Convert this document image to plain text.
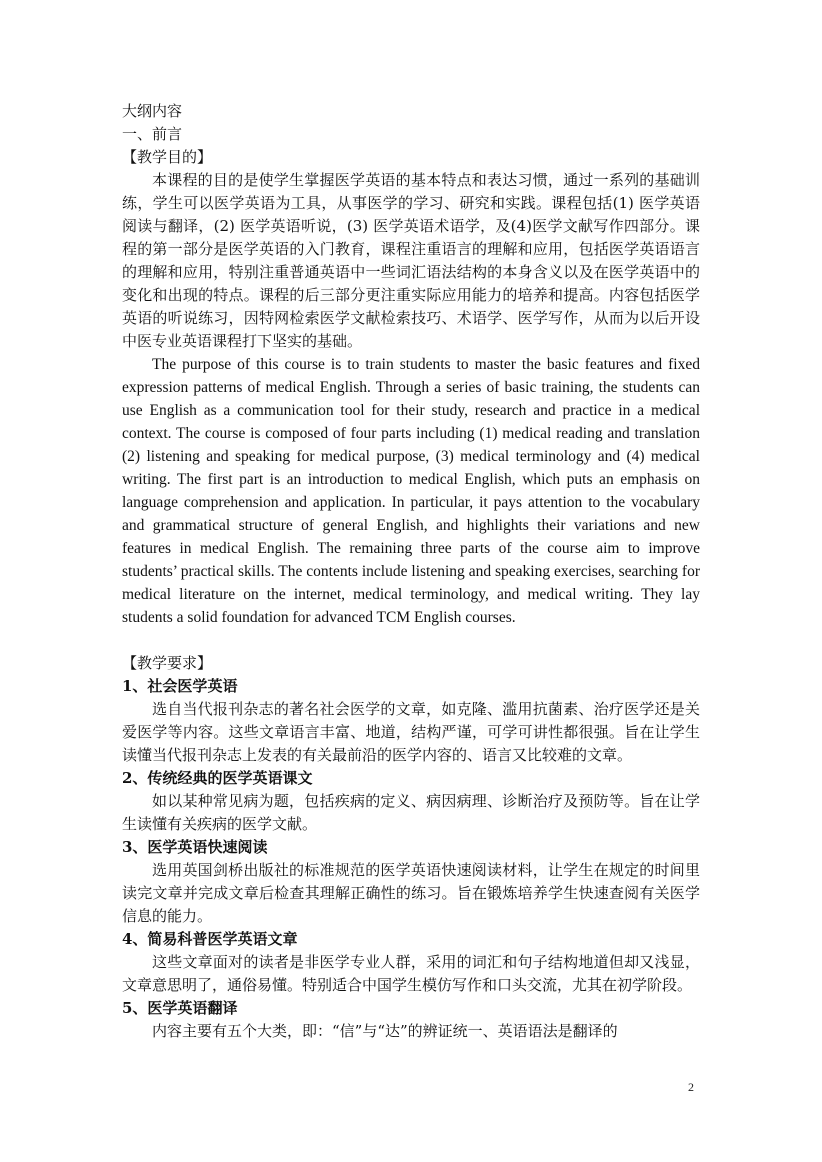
大纲内容

一、前言

【教学目的】

本课程的目的是使学生掌握医学英语的基本特点和表达习惯，通过一系列的基础训练，学生可以医学英语为工具，从事医学的学习、研究和实践。课程包括(1) 医学英语阅读与翻译，(2) 医学英语听说，(3) 医学英语术语学，及(4)医学文献写作四部分。课程的第一部分是医学英语的入门教育，课程注重语言的理解和应用，包括医学英语语言的理解和应用，特别注重普通英语中一些词汇语法结构的本身含义以及在医学英语中的变化和出现的特点。课程的后三部分更注重实际应用能力的培养和提高。内容包括医学英语的听说练习，因特网检索医学文献检索技巧、术语学、医学写作，从而为以后开设中医专业英语课程打下坚实的基础。

The purpose of this course is to train students to master the basic features and fixed expression patterns of medical English. Through a series of basic training, the students can use English as a communication tool for their study, research and practice in a medical context. The course is composed of four parts including (1) medical reading and translation (2) listening and speaking for medical purpose, (3) medical terminology and (4) medical writing. The first part is an introduction to medical English, which puts an emphasis on language comprehension and application. In particular, it pays attention to the vocabulary and grammatical structure of general English, and highlights their variations and new features in medical English. The remaining three parts of the course aim to improve students’ practical skills. The contents include listening and speaking exercises, searching for medical literature on the internet, medical terminology, and medical writing. They lay students a solid foundation for advanced TCM English courses.

【教学要求】

1、社会医学英语

选自当代报刊杂志的著名社会医学的文章，如克隆、滥用抗菌素、治疗医学还是关爱医学等内容。这些文章语言丰富、地道，结构严谨，可学可讲性都很强。旨在让学生读懂当代报刊杂志上发表的有关最前沿的医学内容的、语言又比较难的文章。

2、传统经典的医学英语课文

如以某种常见病为题，包括疾病的定义、病因病理、诊断治疗及预防等。旨在让学生读懂有关疾病的医学文献。

3、医学英语快速阅读

选用英国剑桥出版社的标准规范的医学英语快速阅读材料，让学生在规定的时间里读完文章并完成文章后检查其理解正确性的练习。旨在锻炼培养学生快速查阅有关医学信息的能力。

4、简易科普医学英语文章

这些文章面对的读者是非医学专业人群，采用的词汇和句子结构地道但却又浅显，文章意思明了，通俗易懂。特别适合中国学生模仿写作和口头交流，尤其在初学阶段。

5、医学英语翻译

内容主要有五个大类，即：“信”与“达”的辨证统一、英语语法是翻译的

2
